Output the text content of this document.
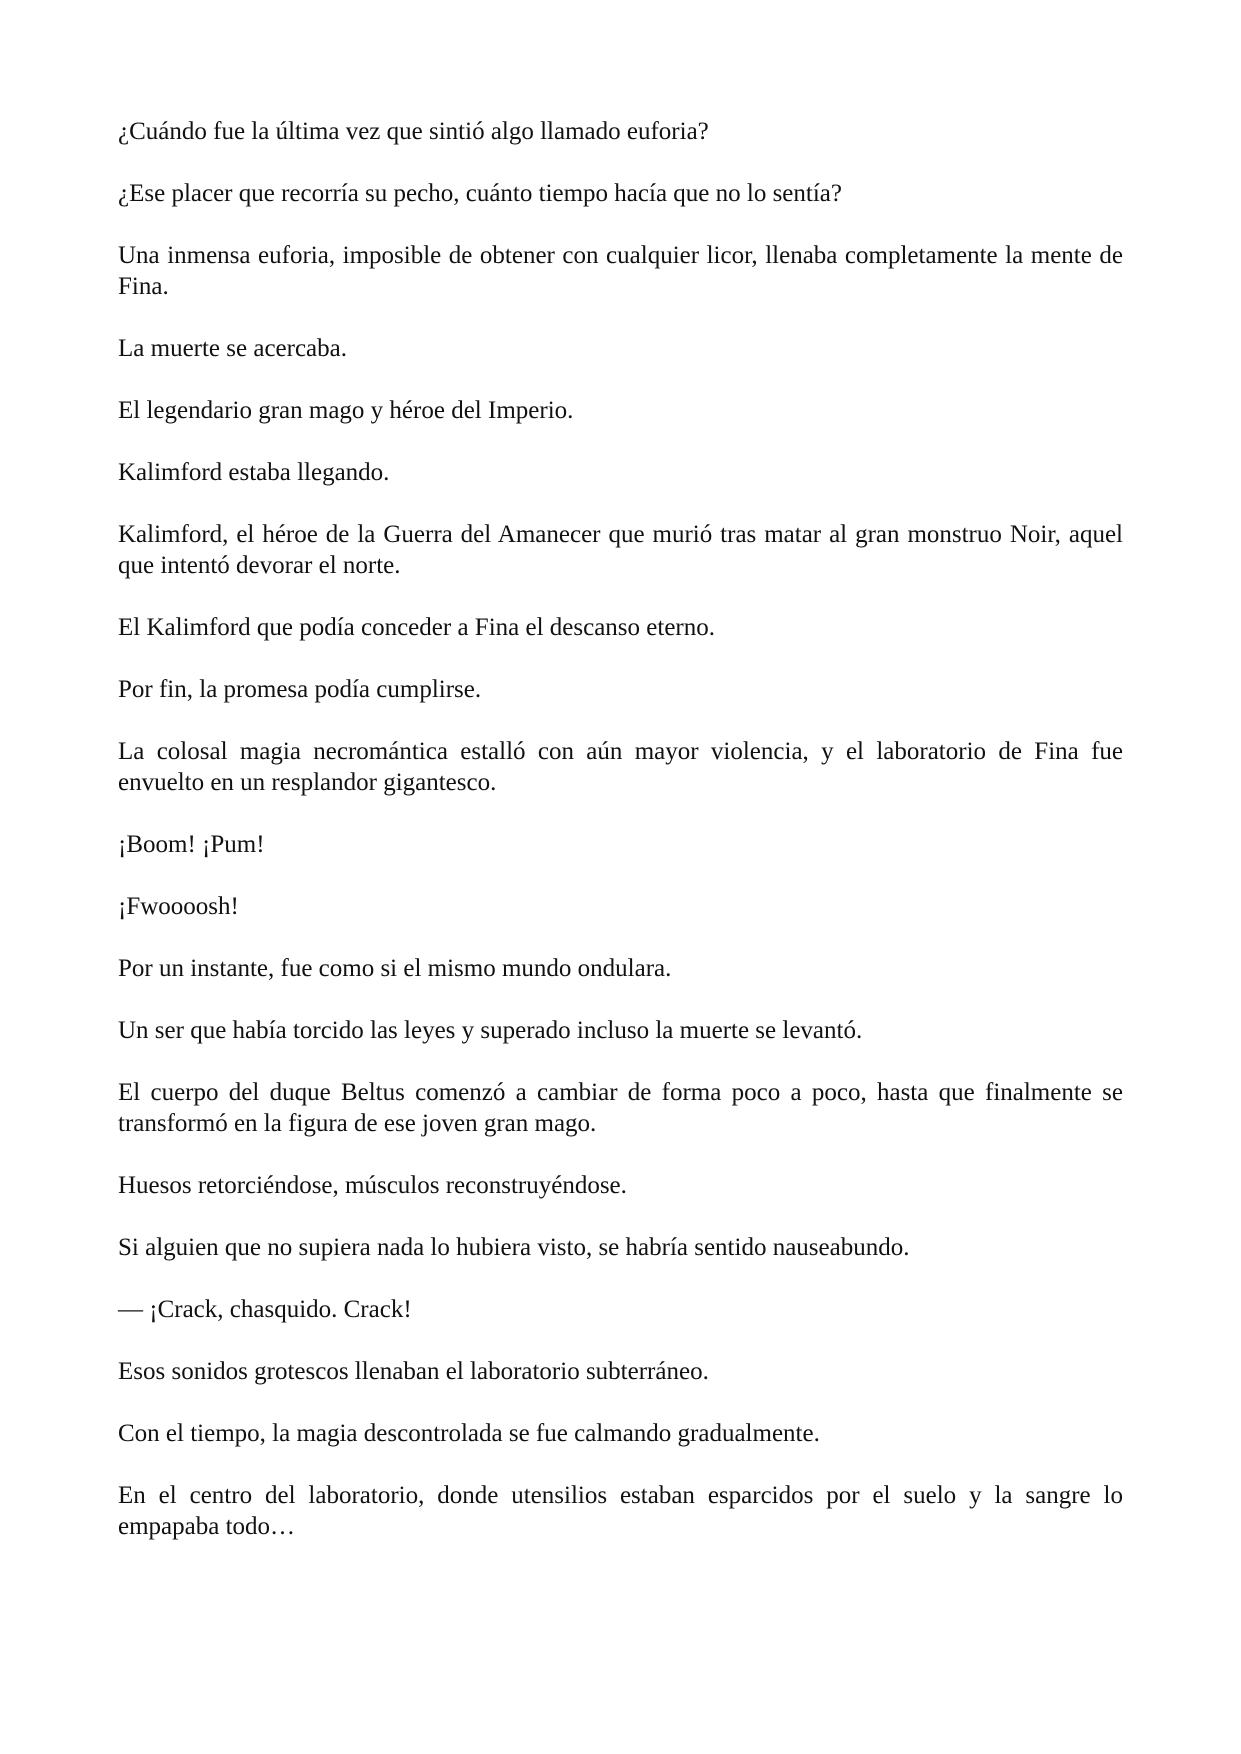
¿Cuándo fue la última vez que sintió algo llamado euforia?

¿Ese placer que recorría su pecho, cuánto tiempo hacía que no lo sentía?

Una inmensa euforia, imposible de obtener con cualquier licor, llenaba completamente la mente de Fina.

La muerte se acercaba.

El legendario gran mago y héroe del Imperio.

Kalimford estaba llegando.

Kalimford, el héroe de la Guerra del Amanecer que murió tras matar al gran monstruo Noir, aquel que intentó devorar el norte.

El Kalimford que podía conceder a Fina el descanso eterno.

Por fin, la promesa podía cumplirse.

La colosal magia necromántica estalló con aún mayor violencia, y el laboratorio de Fina fue envuelto en un resplandor gigantesco.

¡Boom! ¡Pum!

¡Fwoooosh!

Por un instante, fue como si el mismo mundo ondulara.

Un ser que había torcido las leyes y superado incluso la muerte se levantó.

El cuerpo del duque Beltus comenzó a cambiar de forma poco a poco, hasta que finalmente se transformó en la figura de ese joven gran mago.

Huesos retorciéndose, músculos reconstruyéndose.

Si alguien que no supiera nada lo hubiera visto, se habría sentido nauseabundo.

— ¡Crack, chasquido. Crack!

Esos sonidos grotescos llenaban el laboratorio subterráneo.

Con el tiempo, la magia descontrolada se fue calmando gradualmente.

En el centro del laboratorio, donde utensilios estaban esparcidos por el suelo y la sangre lo empapaba todo…
